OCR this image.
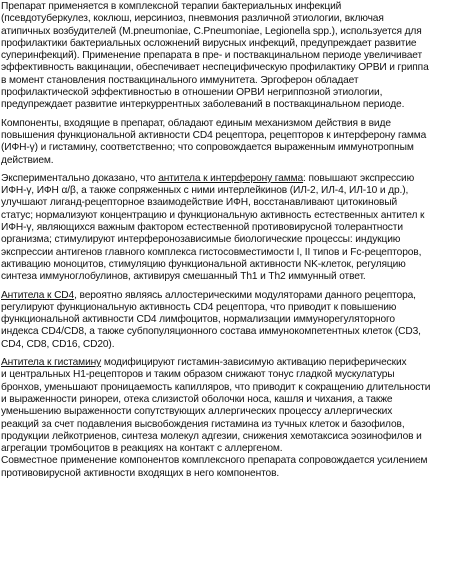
Препарат применяется в комплексной терапии бактериальных инфекций
(псевдотуберкулез, коклюш, иерсиниоз, пневмония различной этиологии, включая
атипичных возбудителей (M.pneumoniae, C.Pneumoniae, Legionella spp.), используется для
профилактики бактериальных осложнений вирусных инфекций, предупреждает развитие
суперинфекций). Применение препарата в пре- и поствакцинальном периоде увеличивает
эффективность вакцинации, обеспечивает неспецифическую профилактику ОРВИ и гриппа
в момент становления поствакцинального иммунитета. Эргоферон обладает
профилактической эффективностью в отношении ОРВИ негриппозной этиологии,
предупреждает развитие интеркуррентных заболеваний в поствакцинальном периоде.
Компоненты, входящие в препарат, обладают единым механизмом действия в виде
повышения функциональной активности CD4 рецептора, рецепторов к интерферону гамма
(ИФН-γ) и гистамину, соответственно; что сопровождается выраженным иммунотропным
действием.
Экспериментально доказано, что антитела к интерферону гамма: повышают экспрессию
ИФН-γ, ИФН α/β, а также сопряженных с ними интерлейкинов (ИЛ-2, ИЛ-4, ИЛ-10 и др.),
улучшают лиганд-рецепторное взаимодействие ИФН, восстанавливают цитокиновый
статус; нормализуют концентрацию и функциональную активность естественных антител к
ИФН-γ, являющихся важным фактором естественной противовирусной толерантности
организма; стимулируют интерферонозависимые биологические процессы: индукцию
экспрессии антигенов главного комплекса гистосовместимости I, II типов и Fc-рецепторов,
активацию моноцитов, стимуляцию функциональной активности NK-клеток, регуляцию
синтеза иммуноглобулинов, активируя смешанный Th1 и Th2 иммунный ответ.
Антитела к CD4, вероятно являясь аллостерическими модуляторами данного рецептора,
регулируют функциональную активность CD4 рецептора, что приводит к повышению
функциональной активности CD4 лимфоцитов, нормализации иммунорегуляторного
индекса CD4/CD8, а также субпопуляционного состава иммунокомпетентных клеток (CD3,
CD4, CD8, CD16, CD20).
Антитела к гистамину модифицируют гистамин-зависимую активацию периферических
и центральных H1-рецепторов и таким образом снижают тонус гладкой мускулатуры
бронхов, уменьшают проницаемость капилляров, что приводит к сокращению длительности
и выраженности ринореи, отека слизистой оболочки носа, кашля и чихания, а также
уменьшению выраженности сопутствующих аллергических процессу аллергических
реакций за счет подавления высвобождения гистамина из тучных клеток и базофилов,
продукции лейкотриенов, синтеза молекул адгезии, снижения хемотаксиса эозинофилов и
агрегации тромбоцитов в реакциях на контакт с аллергеном.
Совместное применение компонентов комплексного препарата сопровождается усилением
противовирусной активности входящих в него компонентов.
